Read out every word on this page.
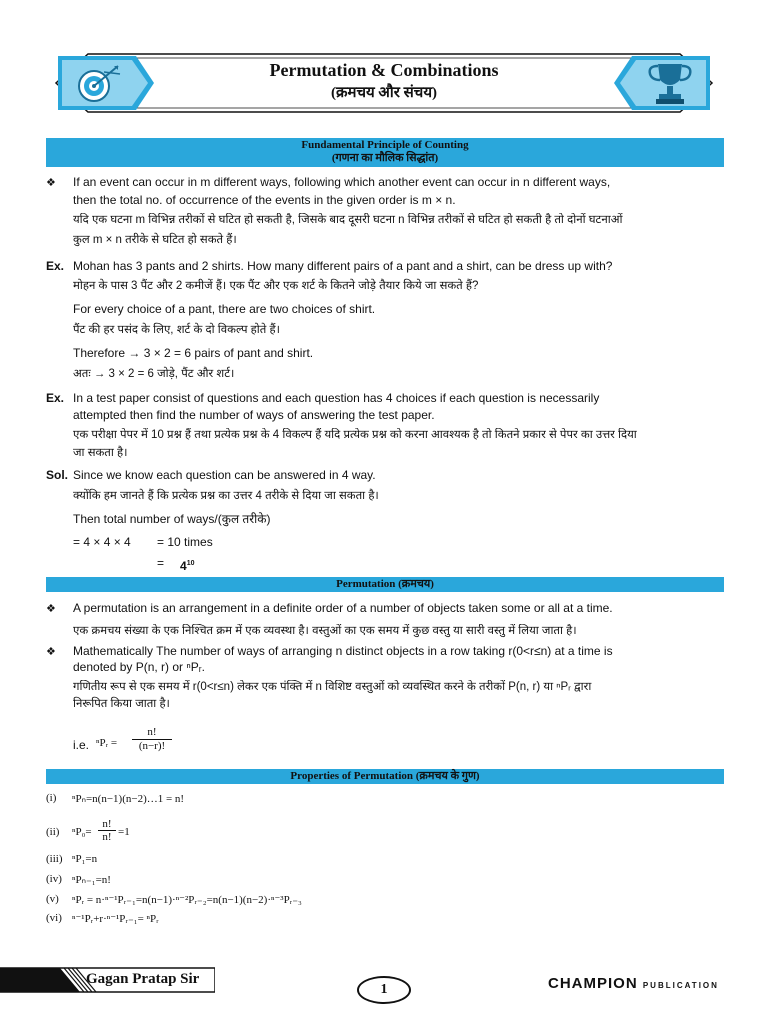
Permutation & Combinations
(क्रमचय और संचय)
Fundamental Principle of Counting
(गणना का मौलिक सिद्धांत)
❖ If an event can occur in m different ways, following which another event can occur in n different ways,
then the total no. of occurrence of the events in the given order is m × n.
यदि एक घटना m विभिन्न तरीकों से घटित हो सकती है, जिसके बाद दूसरी घटना n विभिन्न तरीकों से घटित हो सकती है तो दोनों घटनाओं
कुल m × n तरीके से घटित हो सकते हैं।
Ex. Mohan has 3 pants and 2 shirts. How many different pairs of a pant and a shirt, can be dress up with?
मोहन के पास 3 पैंट और 2 कमीजें हैं। एक पैंट और एक शर्ट के कितने जोड़े तैयार किये जा सकते हैं?
For every choice of a pant, there are two choices of shirt.
पैंट की हर पसंद के लिए, शर्ट के दो विकल्प होते हैं।
Therefore → 3 × 2 = 6 pairs of pant and shirt.
अतः → 3 × 2 = 6 जोड़े, पैंट और शर्ट।
Ex. In a test paper consist of questions and each question has 4 choices if each question is necessarily
attempted then find the number of ways of answering the test paper.
एक परीक्षा पेपर में 10 प्रश्न हैं तथा प्रत्येक प्रश्न के 4 विकल्प हैं यदि प्रत्येक प्रश्न को करना आवश्यक है तो कितने प्रकार से पेपर का उत्तर दिया
जा सकता है।
Sol. Since we know each question can be answered in 4 way.
क्योंकि हम जानते हैं कि प्रत्येक प्रश्न का उत्तर 4 तरीके से दिया जा सकता है।
Then total number of ways/(कुल तरीके)
= 4 × 4 × 4 = 10 times
= $4^{10}$
Permutation (क्रमचय)
❖ A permutation is an arrangement in a definite order of a number of objects taken some or all at a time.
एक क्रमचय संख्या के एक निश्चित क्रम में एक व्यवस्था है। वस्तुओं का एक समय में कुछ वस्तु या सारी वस्तु में लिया जाता है।
❖ Mathematically The number of ways of arranging n distinct objects in a row taking r(0<r≤n) at a time is
denoted by P(n, r) or ⁿPᵣ.
गणितीय रूप से एक समय में r(0<r≤n) लेकर एक पंक्ति में n विशिष्ट वस्तुओं को व्यवस्थित करने के तरीकों P(n, r) या ⁿPᵣ द्वारा
निरूपित किया जाता है।
i.e. ⁿPᵣ = $\frac{n!}{(n-r)!}$
Properties of Permutation (क्रमचय के गुण)
(i) ⁿPₙ=n(n−1)(n−2)…1 = n!
(ii) ⁿP₀=
n!
n! =1
(iii) ⁿP₁=n
(iv) ⁿPₙ₋₁=n!
(v) ⁿPᵣ = n·ⁿ⁻¹Pᵣ₋₁=n(n−1)·ⁿ⁻²Pᵣ₋₂=n(n−1)(n−2)·ⁿ⁻³Pᵣ₋₃
(vi) ⁿ⁻¹Pᵣ+r·ⁿ⁻¹Pᵣ₋₁= ⁿPᵣ
Gagan Pratap Sir
1	CHAMPION PUBLICATION
